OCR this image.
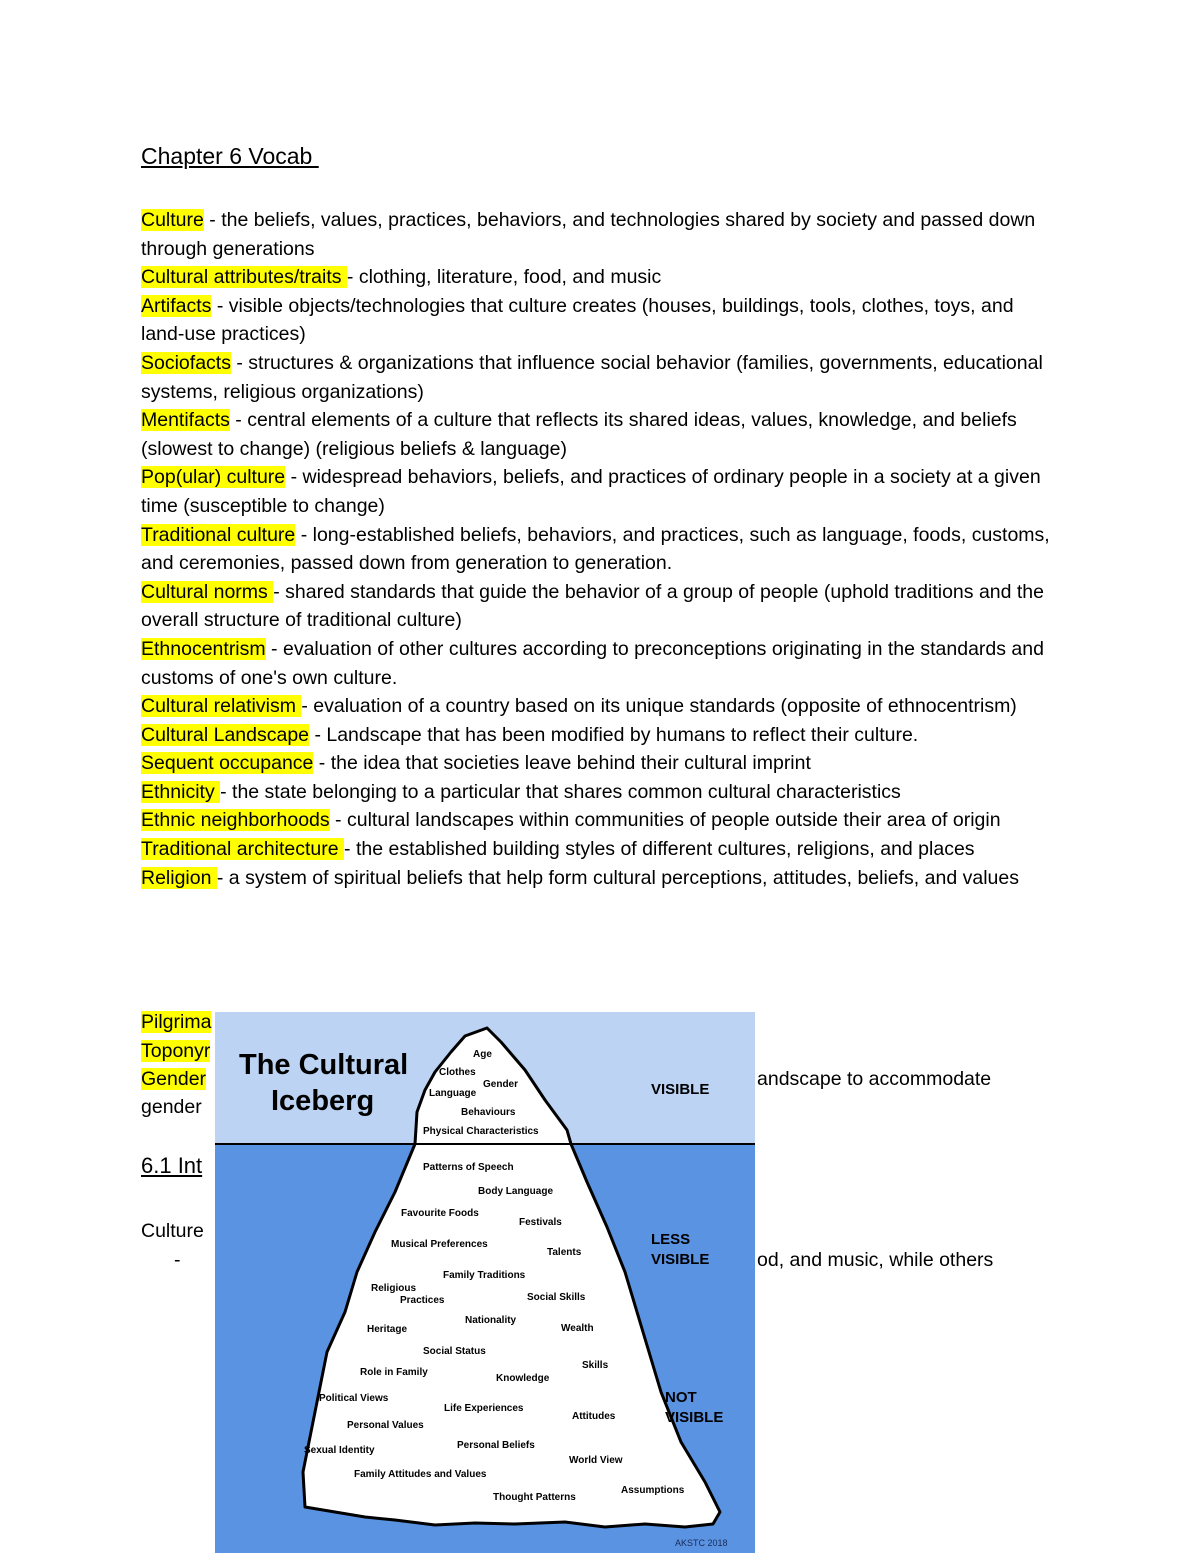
Chapter 6 Vocab

Culture - the beliefs, values, practices, behaviors, and technologies shared by society and passed down through generations

Cultural attributes/traits - clothing, literature, food, and music

Artifacts - visible objects/technologies that culture creates (houses, buildings, tools, clothes, toys, and land-use practices)

Sociofacts - structures & organizations that influence social behavior (families, governments, educational systems, religious organizations)

Mentifacts - central elements of a culture that reflects its shared ideas, values, knowledge, and beliefs (slowest to change) (religious beliefs & language)

Pop(ular) culture - widespread behaviors, beliefs, and practices of ordinary people in a society at a given time (susceptible to change)

Traditional culture - long-established beliefs, behaviors, and practices, such as language, foods, customs, and ceremonies, passed down from generation to generation.

Cultural norms - shared standards that guide the behavior of a group of people (uphold traditions and the overall structure of traditional culture)

Ethnocentrism - evaluation of other cultures according to preconceptions originating in the standards and customs of one's own culture.

Cultural relativism - evaluation of a country based on its unique standards (opposite of ethnocentrism)

Cultural Landscape - Landscape that has been modified by humans to reflect their culture.

Sequent occupance - the idea that societies leave behind their cultural imprint

Ethnicity - the state belonging to a particular that shares common cultural characteristics

Ethnic neighborhoods - cultural landscapes within communities of people outside their area of origin

Traditional architecture - the established building styles of different cultures, religions, and places

Religion - a system of spiritual beliefs that help form cultural perceptions, attitudes, beliefs, and values

Pilgrima
Toponyr
Gender	andscape to accommodate
gender
6.1 Int
Culture
-	od, and music, while others
The Cultural
Iceberg	VISIBLE
LESS
VISIBLE
NOT
VISIBLE
Age
Clothes
Gender
Language
Behaviours
Physical Characteristics
Patterns of Speech
Body Language
Favourite Foods
Festivals
Musical Preferences
Talents
Family Traditions
Religious
Practices	Social Skills
Nationality
Heritage	Wealth
Social Status
Skills
Role in Family
Knowledge
Political Views
Life Experiences
Attitudes
Personal Values
Personal Beliefs
Sexual Identity
World View
Family Attitudes and Values
Assumptions
Thought Patterns
AKSTC 2018
